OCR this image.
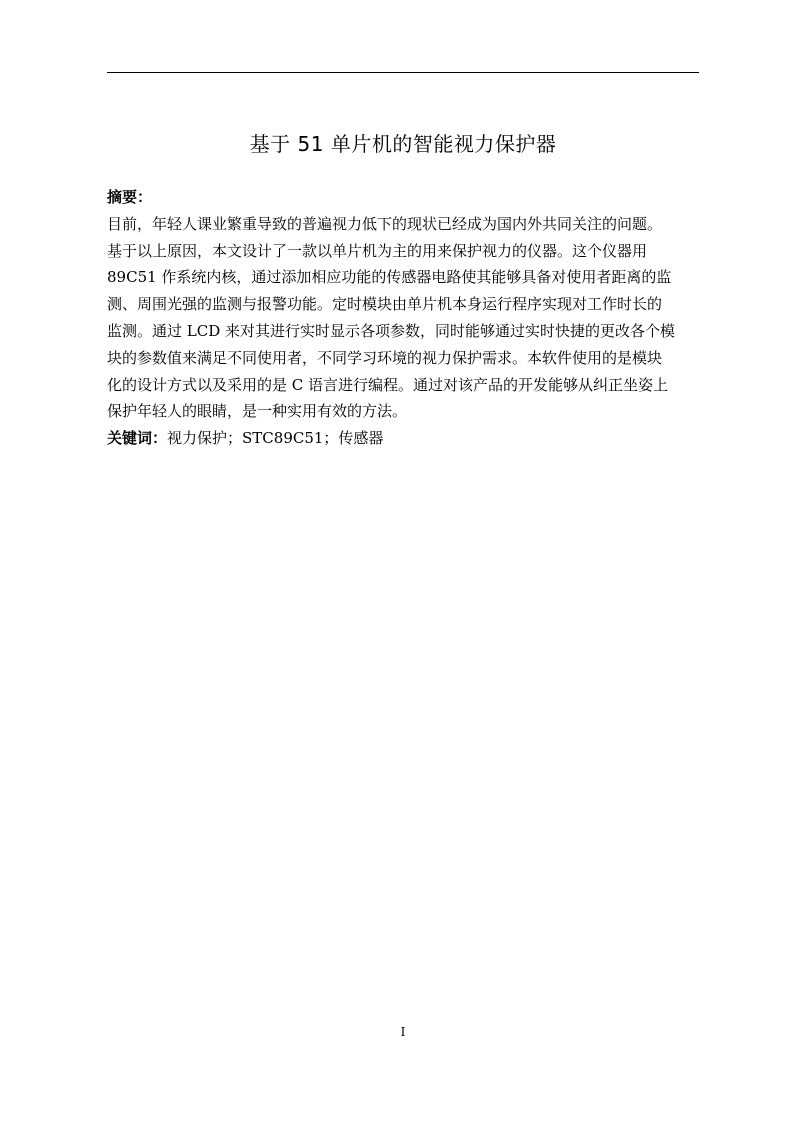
基于 51 单片机的智能视力保护器
摘要：
目前，年轻人课业繁重导致的普遍视力低下的现状已经成为国内外共同关注的问题。
基于以上原因，本文设计了一款以单片机为主的用来保护视力的仪器。这个仪器用
89C51 作系统内核，通过添加相应功能的传感器电路使其能够具备对使用者距离的监
测、周围光强的监测与报警功能。定时模块由单片机本身运行程序实现对工作时长的
监测。通过 LCD 来对其进行实时显示各项参数，同时能够通过实时快捷的更改各个模
块的参数值来满足不同使用者，不同学习环境的视力保护需求。本软件使用的是模块
化的设计方式以及采用的是 C 语言进行编程。通过对该产品的开发能够从纠正坐姿上
保护年轻人的眼睛，是一种实用有效的方法。
关键词：视力保护；STC89C51；传感器
I
